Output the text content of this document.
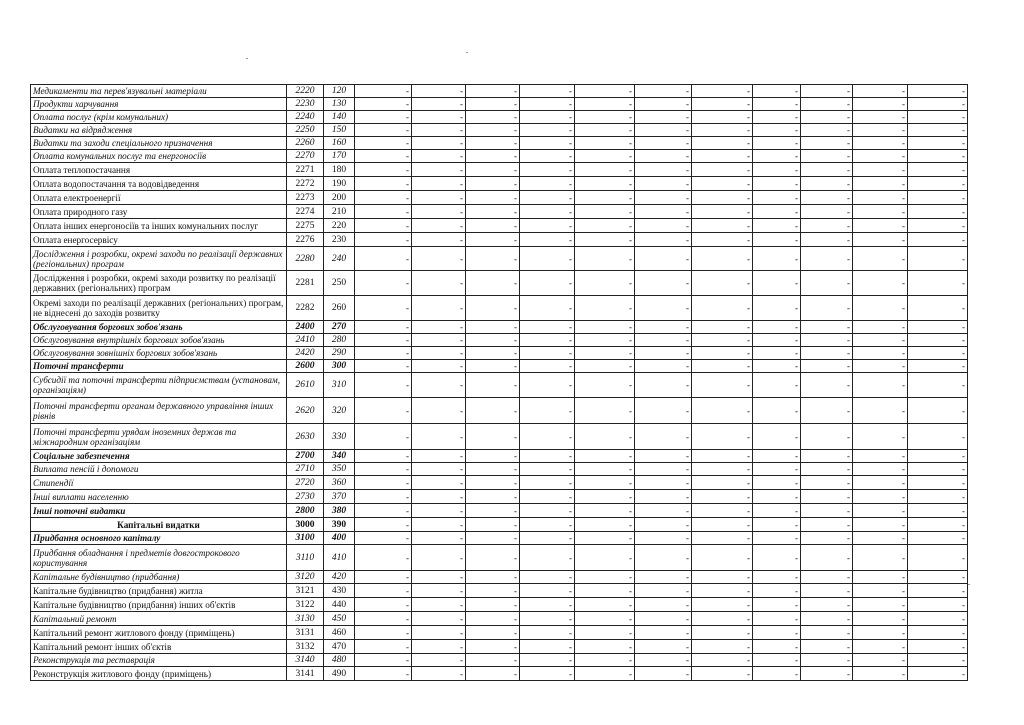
Медикаменти та перев'язувальні матеріали	2220	120	-	-	-	-	-	-	-	-	-	-	-
Продукти харчування	2230	130	-	-	-	-	-	-	-	-	-	-	-
Оплата послуг (крім комунальних)	2240	140	-	-	-	-	-	-	-	-	-	-	-
Видатки на відрядження	2250	150	-	-	-	-	-	-	-	-	-	-	-
Видатки та заходи спеціального призначення	2260	160	-	-	-	-	-	-	-	-	-	-	-
Оплата комунальних послуг та енергоносіїв	2270	170	-	-	-	-	-	-	-	-	-	-	-
Оплата теплопостачання	2271	180	-	-	-	-	-	-	-	-	-	-	-
Оплата водопостачання та водовідведення	2272	190	-	-	-	-	-	-	-	-	-	-	-
Оплата електроенергії	2273	200	-	-	-	-	-	-	-	-	-	-	-
Оплата природного газу	2274	210	-	-	-	-	-	-	-	-	-	-	-
Оплата інших енергоносіїв та інших комунальних послуг	2275	220	-	-	-	-	-	-	-	-	-	-	-
Оплата енергосервісу	2276	230	-	-	-	-	-	-	-	-	-	-	-
Дослідження і розробки, окремі заходи по реалізації державних (регіональних) програм	2280	240	-	-	-	-	-	-	-	-	-	-	-
Дослідження і розробки, окремі заходи розвитку по реалізації державних (регіональних) програм	2281	250	-	-	-	-	-	-	-	-	-	-	-
Окремі заходи по реалізації державних (регіональних) програм, не віднесені до заходів розвитку	2282	260	-	-	-	-	-	-	-	-	-	-	-
Обслуговування боргових зобов'язань	2400	270	-	-	-	-	-	-	-	-	-	-	-
Обслуговування внутрішніх боргових зобов'язань	2410	280	-	-	-	-	-	-	-	-	-	-	-
Обслуговування зовнішніх боргових зобов'язань	2420	290	-	-	-	-	-	-	-	-	-	-	-
Поточні трансферти	2600	300	-	-	-	-	-	-	-	-	-	-	-
Субсидії та поточні трансферти підприємствам (установам, організаціям)	2610	310	-	-	-	-	-	-	-	-	-	-	-
Поточні трансферти органам державного управління інших рівнів	2620	320	-	-	-	-	-	-	-	-	-	-	-
Поточні трансферти урядам іноземних держав та міжнародним організаціям	2630	330	-	-	-	-	-	-	-	-	-	-	-
Соціальне забезпечення	2700	340	-	-	-	-	-	-	-	-	-	-	-
Виплата пенсій і допомоги	2710	350	-	-	-	-	-	-	-	-	-	-	-
Стипендії	2720	360	-	-	-	-	-	-	-	-	-	-	-
Інші виплати населенню	2730	370	-	-	-	-	-	-	-	-	-	-	-
Інші поточні видатки	2800	380	-	-	-	-	-	-	-	-	-	-	-
Капітальні видатки	3000	390	-	-	-	-	-	-	-	-	-	-	-
Придбання основного капіталу	3100	400	-	-	-	-	-	-	-	-	-	-	-
Придбання обладнання і предметів довгострокового користування	3110	410	-	-	-	-	-	-	-	-	-	-	-
Капітальне будівництво (придбання)	3120	420	-	-	-	-	-	-	-	-	-	-	-
Капітальне будівництво (придбання) житла	3121	430	-	-	-	-	-	-	-	-	-	-	-
Капітальне будівництво (придбання) інших об'єктів	3122	440	-	-	-	-	-	-	-	-	-	-	-
Капітальний ремонт	3130	450	-	-	-	-	-	-	-	-	-	-	-
Капітальний ремонт житлового фонду (приміщень)	3131	460	-	-	-	-	-	-	-	-	-	-	-
Капітальний ремонт інших об'єктів	3132	470	-	-	-	-	-	-	-	-	-	-	-
Реконструкція та реставрація	3140	480	-	-	-	-	-	-	-	-	-	-	-
Реконструкція житлового фонду (приміщень)	3141	490	-	-	-	-	-	-	-	-	-	-	-
